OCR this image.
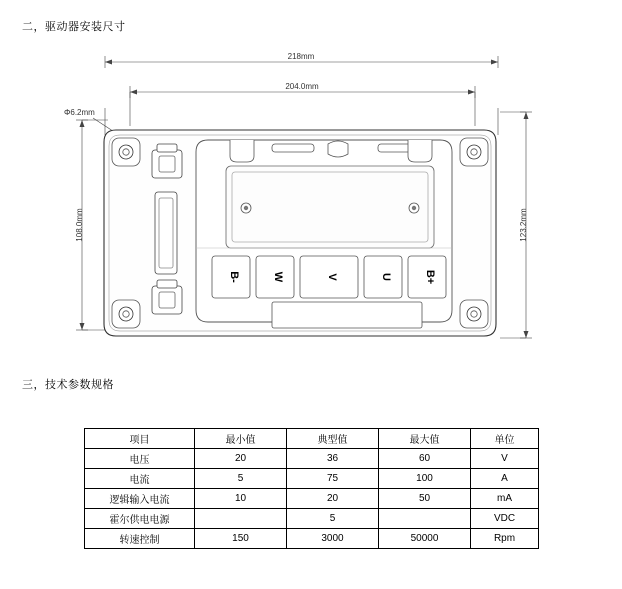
二，驱动器安装尺寸
218mm
204.0mm
108.0mm	123.2mm
Φ6.2mm
B-	W	V	U	B+
三，技术参数规格
项目	最小值	典型值	最大值	单位
电压	20	36	60	V
电流	5	75	100	A
逻辑输入电流	10	20	50	mA
霍尔供电电源		5		VDC
转速控制	150	3000	50000	Rpm
